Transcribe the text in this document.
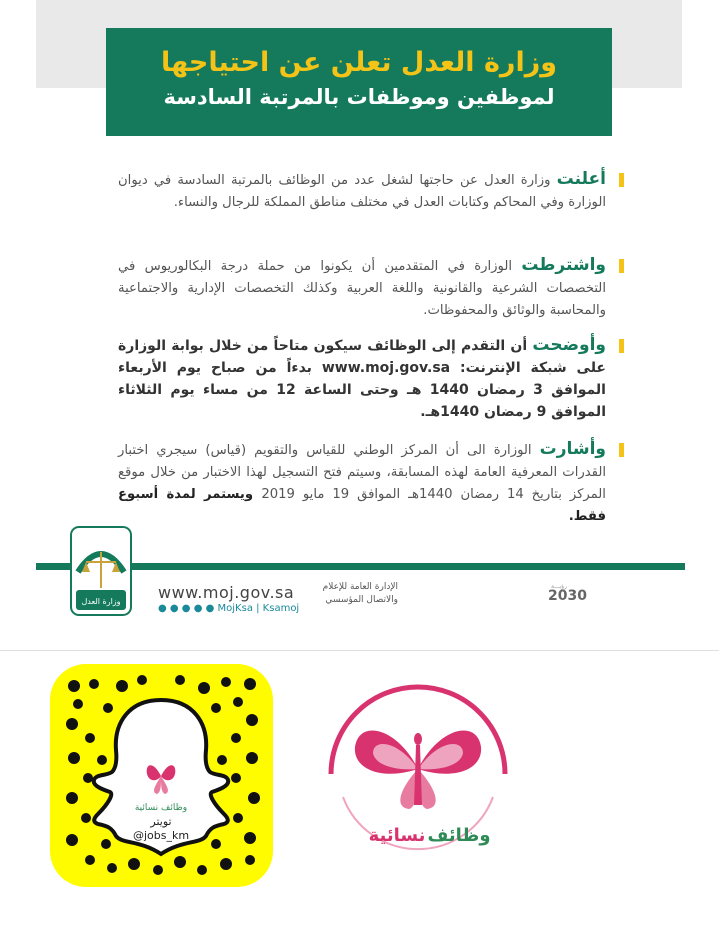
وزارة العدل تعلن عن احتياجها
لموظفين وموظفات بالمرتبة السادسة
أعلنت وزارة العدل عن حاجتها لشغل عدد من الوظائف بالمرتبة السادسة في ديوان الوزارة وفي المحاكم وكتابات العدل في مختلف مناطق المملكة للرجال والنساء.
واشترطت الوزارة في المتقدمين أن يكونوا من حملة درجة البكالوريوس في التخصصات الشرعية والقانونية واللغة العربية وكذلك التخصصات الإدارية والاجتماعية والمحاسبة والوثائق والمحفوظات.
وأوضحت أن التقدم إلى الوظائف سيكون متاحاً من خلال بوابة الوزارة على شبكة الإنترنت: www.moj.gov.sa بدءاً من صباح يوم الأربعاء الموافق 3 رمضان 1440 هـ وحتى الساعة 12 من مساء يوم الثلاثاء الموافق 9 رمضان 1440هـ.
وأشارت الوزارة الى أن المركز الوطني للقياس والتقويم (قياس) سيجري اختبار القدرات المعرفية العامة لهذه المسابقة، وسيتم فتح التسجيل لهذا الاختبار من خلال موقع المركز بتاريخ 14 رمضان 1440هـ الموافق 19 مايو 2019 ويستمر لمدة أسبوع فقط.
وزارة العدل www.moj.gov.sa
● ● ● ● ● MojKsa | Ksamoj
الإدارة العامة للإعلام
والاتصال المؤسسي
رؤيـــة
2030
وظائف نسائية
تويتر
@jobs_km	نسائية وظائف
